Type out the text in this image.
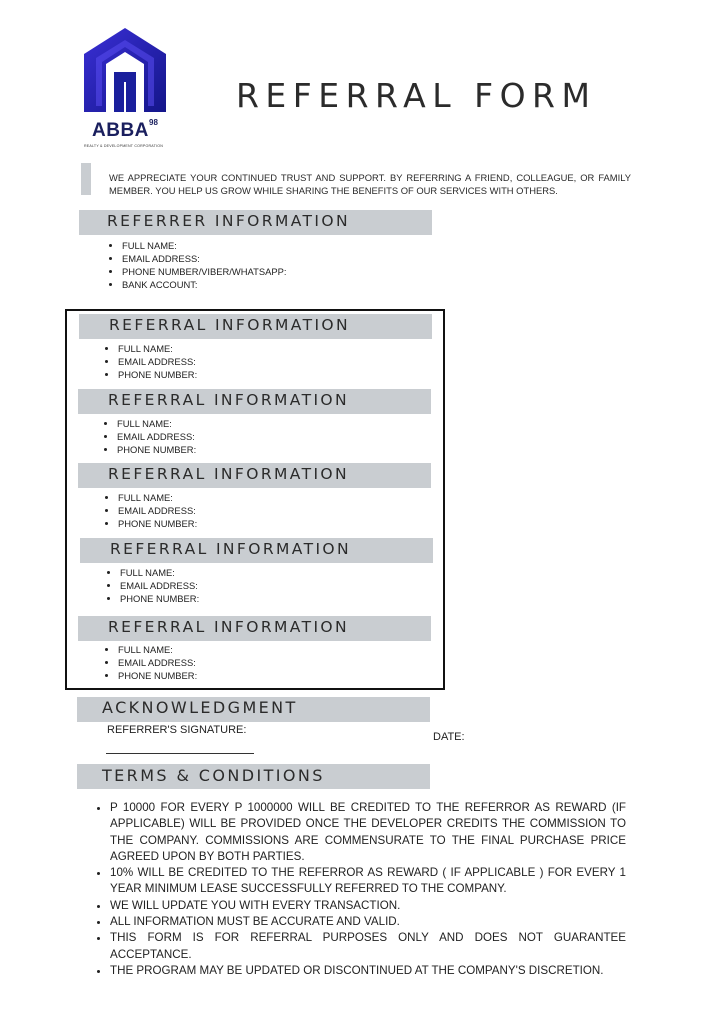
ABBA 98
REALTY & DEVELOPMENT CORPORATION
REFERRAL FORM
WE APPRECIATE YOUR CONTINUED TRUST AND SUPPORT. BY REFERRING A FRIEND, COLLEAGUE, OR FAMILY MEMBER. YOU HELP US GROW WHILE SHARING THE BENEFITS OF OUR SERVICES WITH OTHERS.
REFERRER INFORMATION
• FULL NAME:
• EMAIL ADDRESS:
• PHONE NUMBER/VIBER/WHATSAPP:
• BANK ACCOUNT:
REFERRAL INFORMATION
• FULL NAME:
• EMAIL ADDRESS:
• PHONE NUMBER:
REFERRAL INFORMATION
• FULL NAME:
• EMAIL ADDRESS:
• PHONE NUMBER:
REFERRAL INFORMATION
• FULL NAME:
• EMAIL ADDRESS:
• PHONE NUMBER:
REFERRAL INFORMATION
• FULL NAME:
• EMAIL ADDRESS:
• PHONE NUMBER:
REFERRAL INFORMATION
• FULL NAME:
• EMAIL ADDRESS:
• PHONE NUMBER:
ACKNOWLEDGMENT
REFERRER'S SIGNATURE:
DATE:
TERMS & CONDITIONS
• P 10000 FOR EVERY P 1000000 WILL BE CREDITED TO THE REFERROR AS REWARD (IF APPLICABLE) WILL BE PROVIDED ONCE THE DEVELOPER CREDITS THE COMMISSION TO THE COMPANY. COMMISSIONS ARE COMMENSURATE TO THE FINAL PURCHASE PRICE AGREED UPON BY BOTH PARTIES.
• 10% WILL BE CREDITED TO THE REFERROR AS REWARD ( IF APPLICABLE ) FOR EVERY 1 YEAR MINIMUM LEASE SUCCESSFULLY REFERRED TO THE COMPANY.
• WE WILL UPDATE YOU WITH EVERY TRANSACTION.
• ALL INFORMATION MUST BE ACCURATE AND VALID.
• THIS FORM IS FOR REFERRAL PURPOSES ONLY AND DOES NOT GUARANTEE ACCEPTANCE.
• THE PROGRAM MAY BE UPDATED OR DISCONTINUED AT THE COMPANY'S DISCRETION.
